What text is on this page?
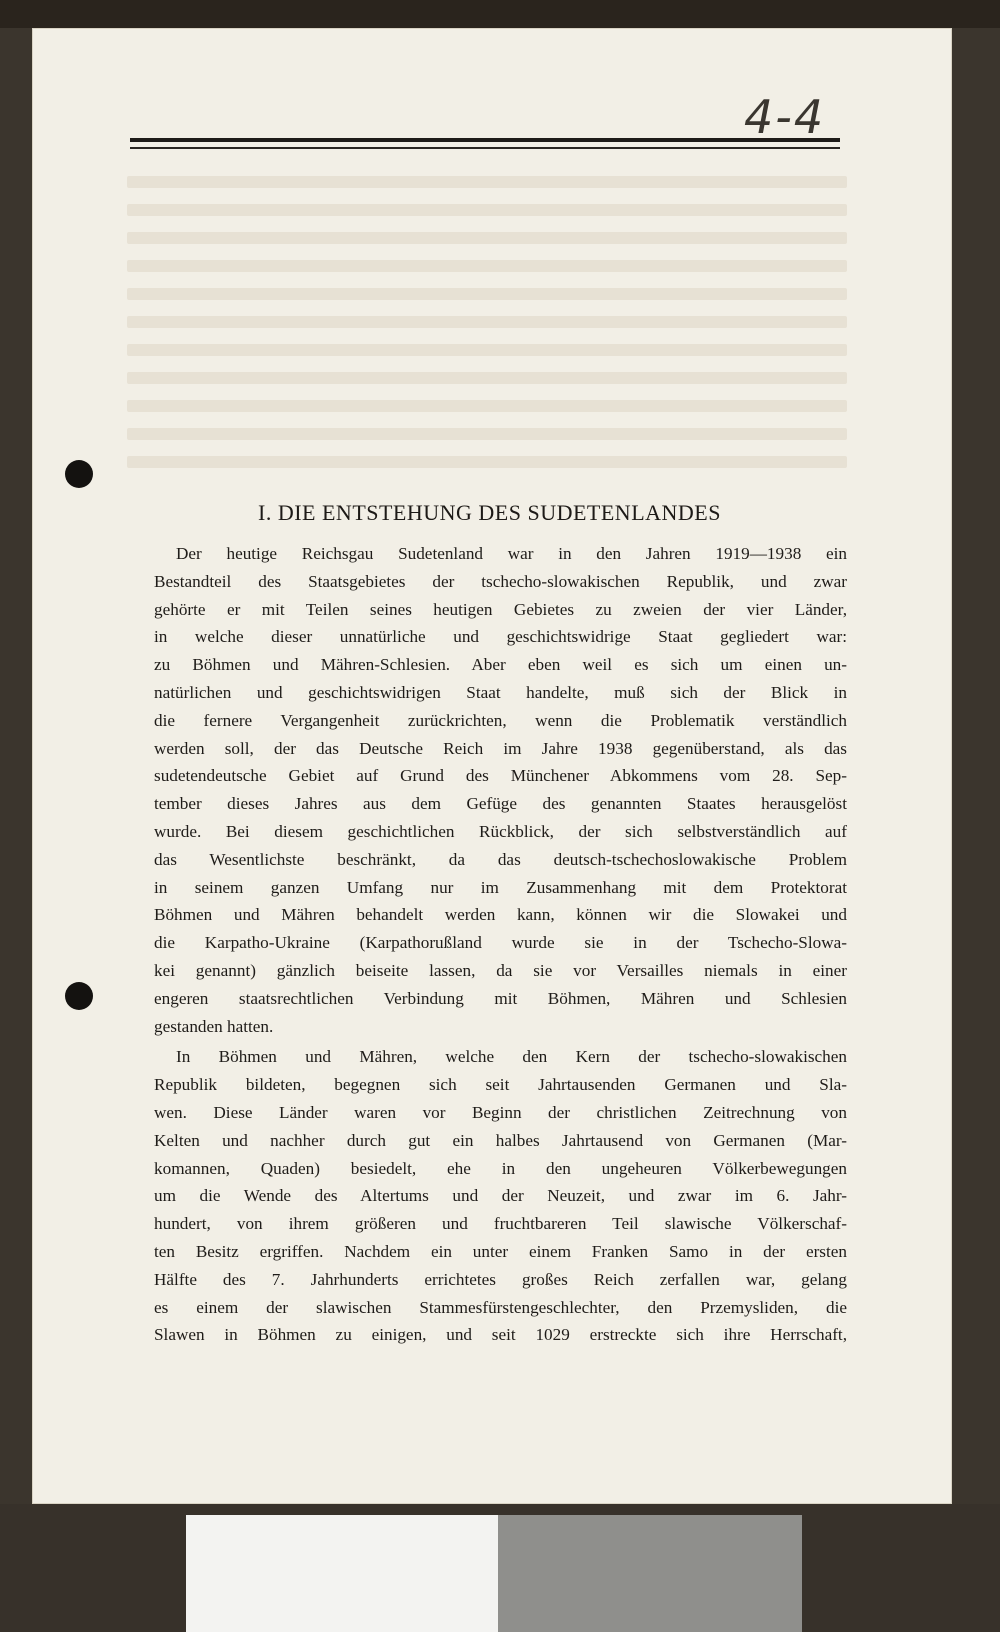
4-4
I. DIE ENTSTEHUNG DES SUDETENLANDES
Der heutige Reichsgau Sudetenland war in den Jahren 1919—1938 ein
Bestandteil des Staatsgebietes der tschecho-slowakischen Republik, und zwar
gehörte er mit Teilen seines heutigen Gebietes zu zweien der vier Länder,
in welche dieser unnatürliche und geschichtswidrige Staat gegliedert war:
zu Böhmen und Mähren-Schlesien. Aber eben weil es sich um einen un-
natürlichen und geschichtswidrigen Staat handelte, muß sich der Blick in
die fernere Vergangenheit zurückrichten, wenn die Problematik verständlich
werden soll, der das Deutsche Reich im Jahre 1938 gegenüberstand, als das
sudetendeutsche Gebiet auf Grund des Münchener Abkommens vom 28. Sep-
tember dieses Jahres aus dem Gefüge des genannten Staates herausgelöst
wurde. Bei diesem geschichtlichen Rückblick, der sich selbstverständlich auf
das Wesentlichste beschränkt, da das deutsch-tschechoslowakische Problem
in seinem ganzen Umfang nur im Zusammenhang mit dem Protektorat
Böhmen und Mähren behandelt werden kann, können wir die Slowakei und
die Karpatho-Ukraine (Karpathorußland wurde sie in der Tschecho-Slowa-
kei genannt) gänzlich beiseite lassen, da sie vor Versailles niemals in einer
engeren staatsrechtlichen Verbindung mit Böhmen, Mähren und Schlesien
gestanden hatten.
In Böhmen und Mähren, welche den Kern der tschecho-slowakischen
Republik bildeten, begegnen sich seit Jahrtausenden Germanen und Sla-
wen. Diese Länder waren vor Beginn der christlichen Zeitrechnung von
Kelten und nachher durch gut ein halbes Jahrtausend von Germanen (Mar-
komannen, Quaden) besiedelt, ehe in den ungeheuren Völkerbewegungen
um die Wende des Altertums und der Neuzeit, und zwar im 6. Jahr-
hundert, von ihrem größeren und fruchtbareren Teil slawische Völkerschaf-
ten Besitz ergriffen. Nachdem ein unter einem Franken Samo in der ersten
Hälfte des 7. Jahrhunderts errichtetes großes Reich zerfallen war, gelang
es einem der slawischen Stammesfürstengeschlechter, den Przemysliden, die
Slawen in Böhmen zu einigen, und seit 1029 erstreckte sich ihre Herrschaft,
